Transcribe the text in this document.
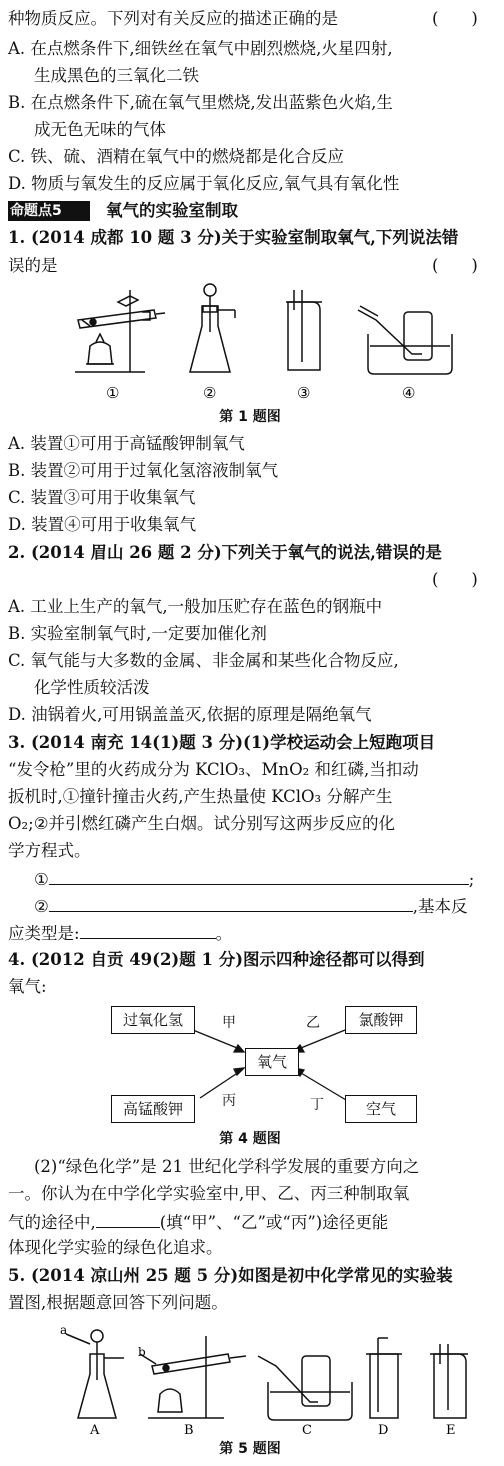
种物质反应。下列对有关反应的描述正确的是	(　　)
A. 在点燃条件下,细铁丝在氧气中剧烈燃烧,火星四射,
生成黑色的三氧化二铁
B. 在点燃条件下,硫在氧气里燃烧,发出蓝紫色火焰,生
成无色无味的气体
C. 铁、硫、酒精在氧气中的燃烧都是化合反应
D. 物质与氧发生的反应属于氧化反应,氧气具有氧化性
命题点5	氧气的实验室制取
1. (2014 成都 10 题 3 分)关于实验室制取氧气,下列说法错
误的是	(　　)
①	②	③	④
第 1 题图
A. 装置①可用于高锰酸钾制氧气
B. 装置②可用于过氧化氢溶液制氧气
C. 装置③可用于收集氧气
D. 装置④可用于收集氧气
2. (2014 眉山 26 题 2 分)下列关于氧气的说法,错误的是
(　　)
A. 工业上生产的氧气,一般加压贮存在蓝色的钢瓶中
B. 实验室制氧气时,一定要加催化剂
C. 氧气能与大多数的金属、非金属和某些化合物反应,
化学性质较活泼
D. 油锅着火,可用锅盖盖灭,依据的原理是隔绝氧气
3. (2014 南充 14(1)题 3 分)(1)学校运动会上短跑项目
“发令枪”里的火药成分为 KClO₃、MnO₂ 和红磷,当扣动
扳机时,①撞针撞击火药,产生热量使 KClO₃ 分解产生
O₂;②并引燃红磷产生白烟。试分别写这两步反应的化
学方程式。
①	;
②	,基本反
应类型是:	。
4. (2012 自贡 49(2)题 1 分)图示四种途径都可以得到
氧气:
过氧化氢	氯酸钾
氧气
高锰酸钾	空气
甲	乙
丙	丁
第 4 题图
(2)“绿色化学”是 21 世纪化学科学发展的重要方向之
一。你认为在中学化学实验室中,甲、乙、丙三种制取氧
气的途径中,	(填“甲”、“乙”或“丙”)途径更能
体现化学实验的绿色化追求。
5. (2014 凉山州 25 题 5 分)如图是初中化学常见的实验装
置图,根据题意回答下列问题。
a
b
A	B	C	D	E
第 5 题图
